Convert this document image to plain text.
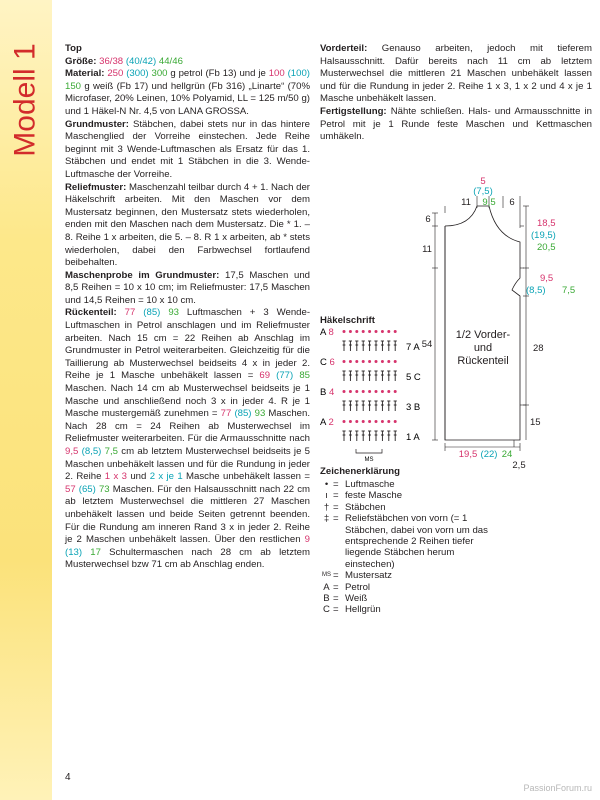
Modell 1 Top

Größe: 36/38 (40/42) 44/46

Material: 250 (300) 300 g petrol (Fb 13) und je 100 (100) 150 g weiß (Fb 17) und hellgrün (Fb 316) „Linarte“ (70% Microfaser, 20% Leinen, 10% Polyamid, LL = 125 m/50 g) und 1 Häkel-N Nr. 4,5 von LANA GROSSA.

Grundmuster: Stäbchen, dabei stets nur in das hintere Maschenglied der Vorreihe einstechen. Jede Reihe beginnt mit 3 Wende-Luftmaschen als Ersatz für das 1. Stäbchen und endet mit 1 Stäbchen in die 3. Wende-Luftmasche der Vorreihe.

Reliefmuster: Maschenzahl teilbar durch 4 + 1. Nach der Häkelschrift arbeiten. Mit den Maschen vor dem Mustersatz beginnen, den Mustersatz stets wiederholen, enden mit den Maschen nach dem Mustersatz. Die * 1. – 8. Reihe 1 x arbeiten, die 5. – 8. R 1 x arbeiten, ab * stets wiederholen, dabei den Farbwechsel fortlaufend beibehalten.

Maschenprobe im Grundmuster: 17,5 Maschen und 8,5 Reihen = 10 x 10 cm; im Reliefmuster: 17,5 Maschen und 14,5 Reihen = 10 x 10 cm.

Rückenteil: 77 (85) 93 Luftmaschen + 3 Wende-Luftmaschen in Petrol anschlagen und im Reliefmuster arbeiten. Nach 15 cm = 22 Reihen ab Anschlag im Grundmuster in Petrol weiterarbeiten. Gleichzeitig für die Taillierung ab Musterwechsel beidseits 4 x in jeder 2. Reihe je 1 Masche unbehäkelt lassen = 69 (77) 85 Maschen. Nach 14 cm ab Musterwechsel beidseits je 1 Masche und anschließend noch 3 x in jeder 4. R je 1 Masche mustergemäß zunehmen = 77 (85) 93 Maschen. Nach 28 cm = 24 Reihen ab Musterwechsel im Reliefmuster weiterarbeiten. Für die Armausschnitte nach 9,5 (8,5) 7,5 cm ab letztem Musterwechsel beidseits je 5 Maschen unbehäkelt lassen und für die Rundung in jeder 2. Reihe 1 x 3 und 2 x je 1 Masche unbehäkelt lassen = 57 (65) 73 Maschen. Für den Halsausschnitt nach 22 cm ab letztem Musterwechsel die mittleren 27 Maschen unbehäkelt lassen und beide Seiten getrennt beenden. Für die Rundung am inneren Rand 3 x in jeder 2. Reihe je 2 Maschen unbehäkelt lassen. Über den restlichen 9 (13) 17 Schultermaschen nach 28 cm ab letztem Musterwechsel bzw 71 cm ab Anschlag enden.

Vorderteil: Genauso arbeiten, jedoch mit tieferem Halsausschnitt. Dafür bereits nach 11 cm ab letztem Musterwechsel die mittleren 21 Maschen unbehäkelt lassen und für die Rundung in jeder 2. Reihe 1 x 3, 1 x 2 und 4 x je 1 Masche unbehäkelt lassen.

Fertigstellung: Nähte schließen. Hals- und Armausschnitte in Petrol mit je 1 Runde feste Maschen und Kettmaschen umhäkeln.

5
(7,5)
9,5
11	6
6
11
18,5
(19,5)
20,5
9,5
(8,5) 7,5
54	28
15
1/2 Vorder-
und
Rückenteil
19,5 (22) 24
2,5
Häkelschrift
A 8
7 A
C 6
5 C
B 4
3 B
A 2
1 A
MS
Zeichenerklärung
• = Luftmasche
ı = feste Masche
† = Stäbchen
‡ = Reliefstäbchen von vorn (= 1 Stäbchen, dabei von vorn um das entsprechende 2 Reihen tiefer liegende Stäbchen herum einstechen)
MS = Mustersatz
A = Petrol
B = Weiß
C = Hellgrün
4
PassionForum.ru
